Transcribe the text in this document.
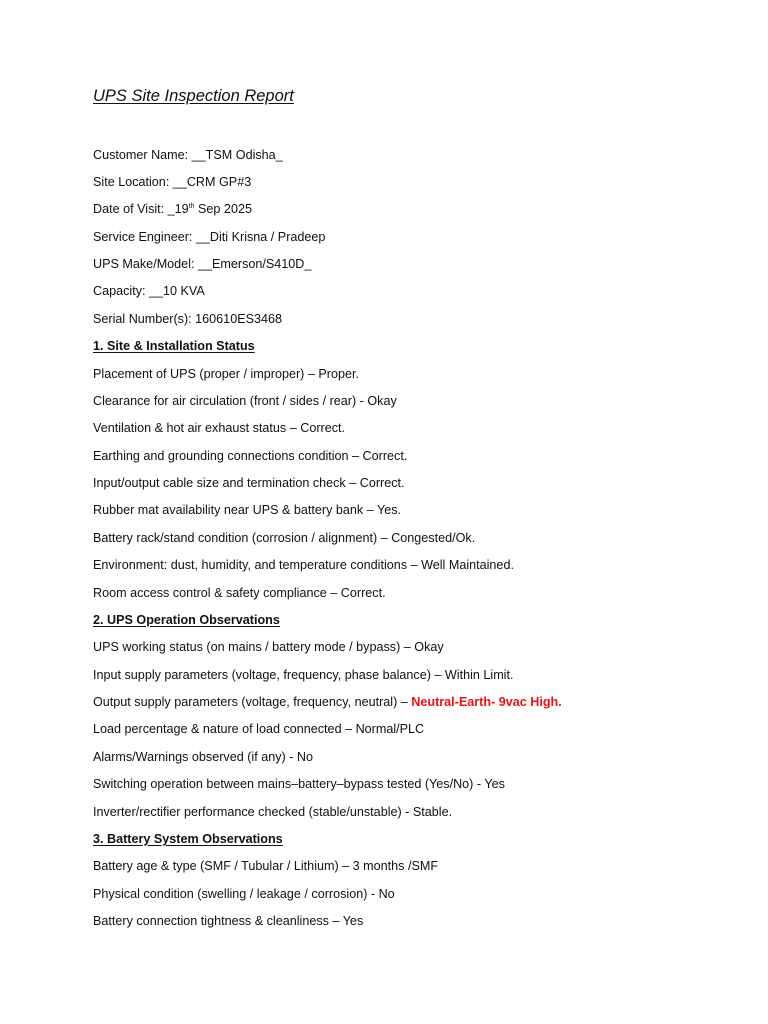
UPS Site Inspection Report
Customer Name: __TSM Odisha_
Site Location: __CRM GP#3
Date of Visit: _19th Sep 2025
Service Engineer: __Diti Krisna / Pradeep
UPS Make/Model: __Emerson/S410D_
Capacity: __10 KVA
Serial Number(s): 160610ES3468
1. Site & Installation Status
Placement of UPS (proper / improper) – Proper.
Clearance for air circulation (front / sides / rear) - Okay
Ventilation & hot air exhaust status – Correct.
Earthing and grounding connections condition – Correct.
Input/output cable size and termination check – Correct.
Rubber mat availability near UPS & battery bank – Yes.
Battery rack/stand condition (corrosion / alignment) – Congested/Ok.
Environment: dust, humidity, and temperature conditions – Well Maintained.
Room access control & safety compliance – Correct.
2. UPS Operation Observations
UPS working status (on mains / battery mode / bypass) – Okay
Input supply parameters (voltage, frequency, phase balance) – Within Limit.
Output supply parameters (voltage, frequency, neutral) – Neutral-Earth- 9vac High.
Load percentage & nature of load connected – Normal/PLC
Alarms/Warnings observed (if any) - No
Switching operation between mains–battery–bypass tested (Yes/No) - Yes
Inverter/rectifier performance checked (stable/unstable) - Stable.
3. Battery System Observations
Battery age & type (SMF / Tubular / Lithium) – 3 months /SMF
Physical condition (swelling / leakage / corrosion) - No
Battery connection tightness & cleanliness – Yes
